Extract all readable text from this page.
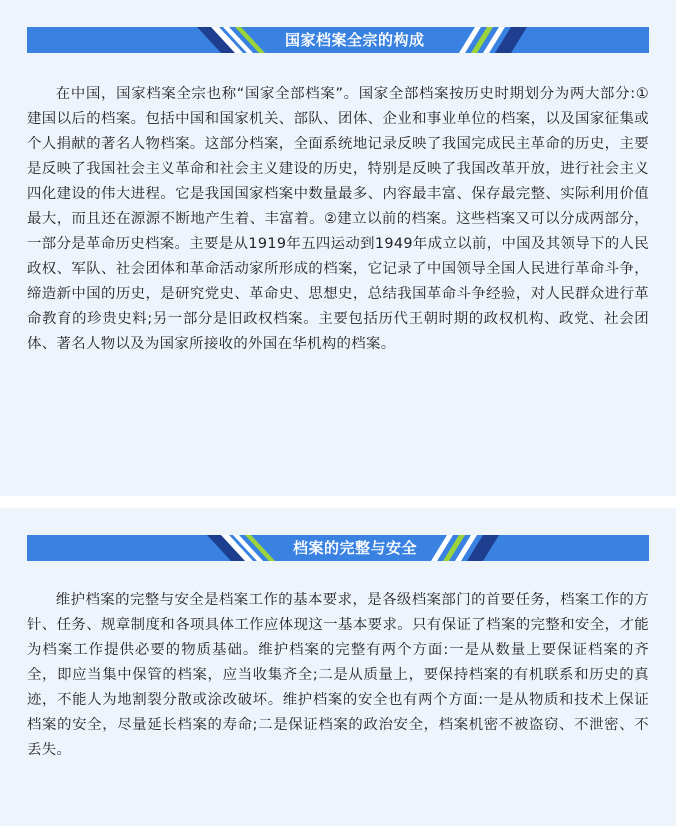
国家档案全宗的构成

在中国，国家档案全宗也称“国家全部档案”。国家全部档案按历史时期划分为两大部分:①建国以后的档案。包括中国和国家机关、部队、团体、企业和事业单位的档案，以及国家征集或个人捐献的著名人物档案。这部分档案，全面系统地记录反映了我国完成民主革命的历史，主要是反映了我国社会主义革命和社会主义建设的历史，特别是反映了我国改革开放，进行社会主义四化建设的伟大进程。它是我国国家档案中数量最多、内容最丰富、保存最完整、实际利用价值最大，而且还在源源不断地产生着、丰富着。②建立以前的档案。这些档案又可以分成两部分，一部分是革命历史档案。主要是从1919年五四运动到1949年成立以前，中国及其领导下的人民政权、军队、社会团体和革命活动家所形成的档案，它记录了中国领导全国人民进行革命斗争，缔造新中国的历史，是研究党史、革命史、思想史，总结我国革命斗争经验，对人民群众进行革命教育的珍贵史料;另一部分是旧政权档案。主要包括历代王朝时期的政权机构、政党、社会团体、著名人物以及为国家所接收的外国在华机构的档案。

档案的完整与安全

维护档案的完整与安全是档案工作的基本要求，是各级档案部门的首要任务，档案工作的方针、任务、规章制度和各项具体工作应体现这一基本要求。只有保证了档案的完整和安全，才能为档案工作提供必要的物质基础。维护档案的完整有两个方面:一是从数量上要保证档案的齐全，即应当集中保管的档案，应当收集齐全;二是从质量上，要保持档案的有机联系和历史的真迹，不能人为地割裂分散或涂改破坏。维护档案的安全也有两个方面:一是从物质和技术上保证档案的安全，尽量延长档案的寿命;二是保证档案的政治安全，档案机密不被盗窃、不泄密、不丢失。
